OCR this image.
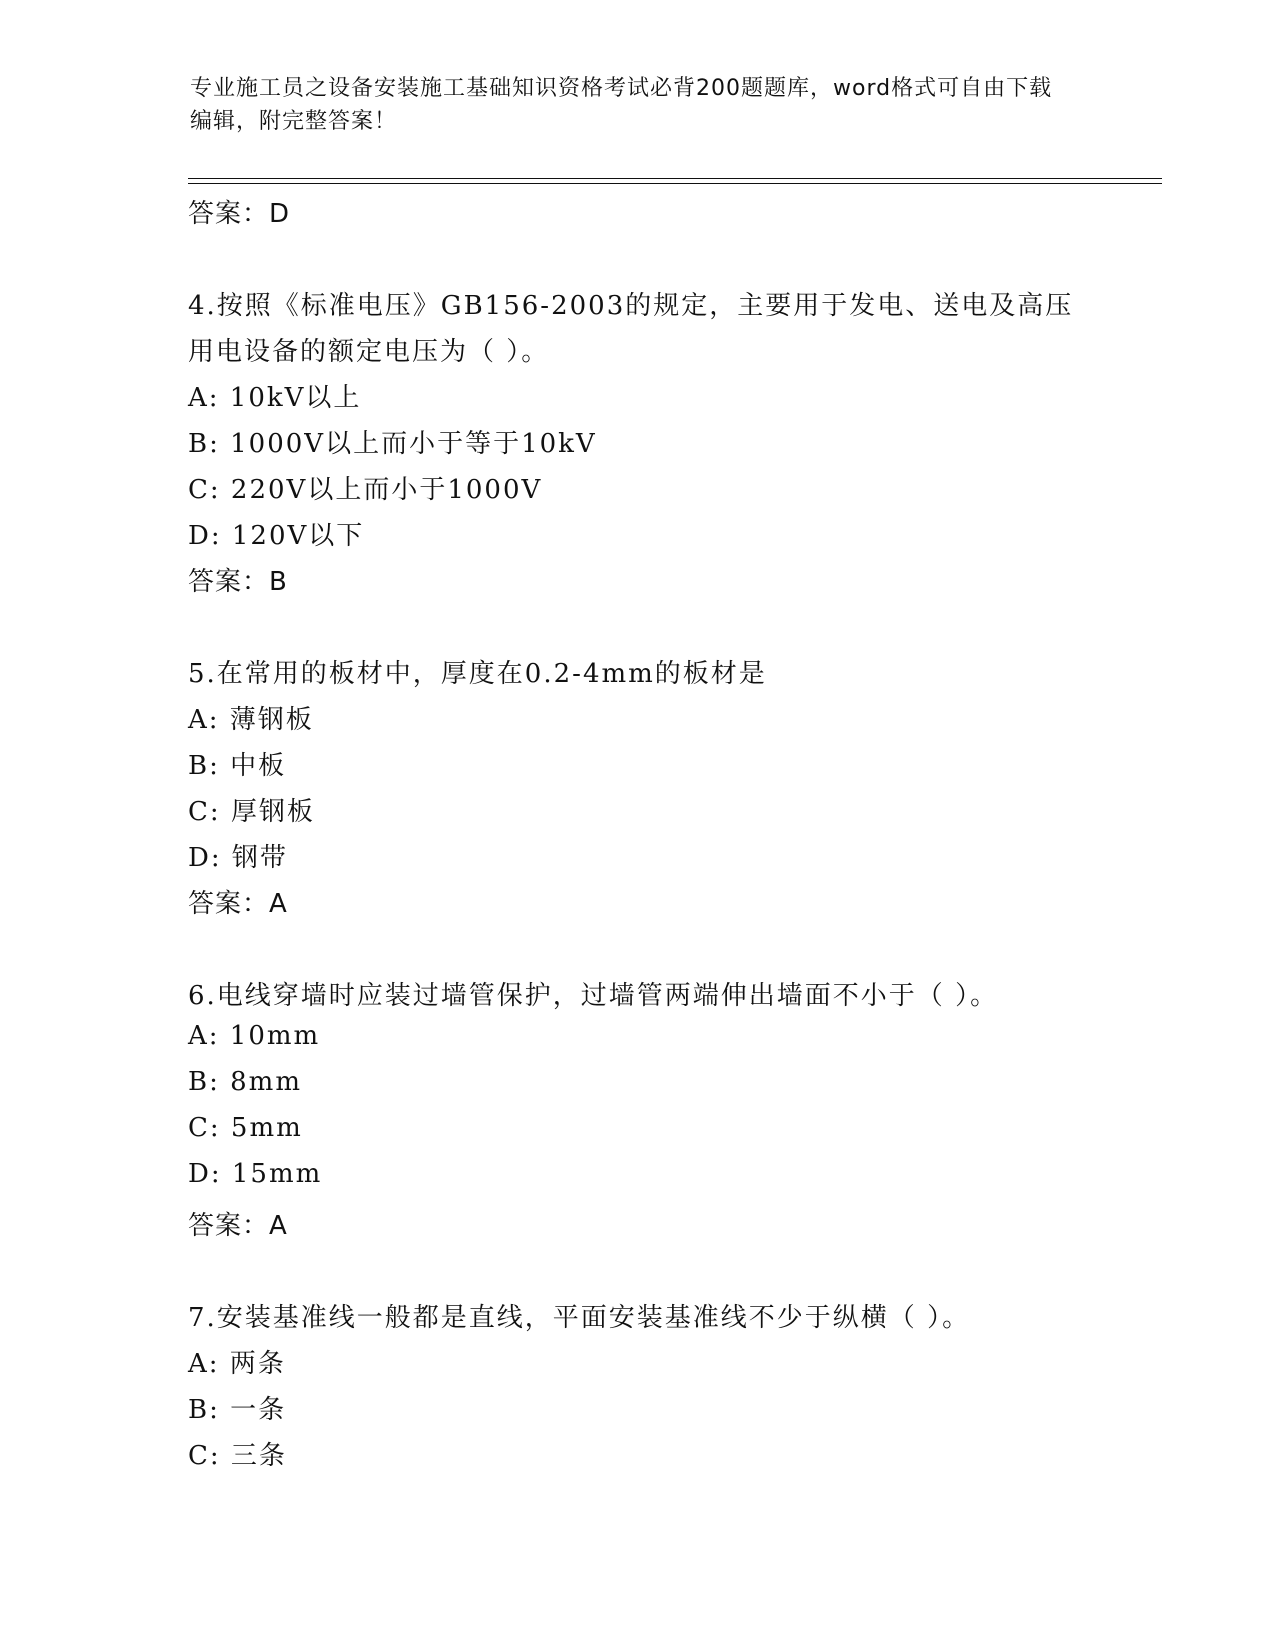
专业施工员之设备安装施工基础知识资格考试必背200题题库，word格式可自由下载编辑，附完整答案！
答案：D
4.按照《标准电压》GB156-2003的规定，主要用于发电、送电及高压
用电设备的额定电压为（ ）。
A: 10kV以上
B: 1000V以上而小于等于10kV
C: 220V以上而小于1000V
D: 120V以下
答案：B
5.在常用的板材中，厚度在0.2-4mm的板材是
A: 薄钢板
B: 中板
C: 厚钢板
D: 钢带
答案：A
6.电线穿墙时应装过墙管保护，过墙管两端伸出墙面不小于（ ）。
A: 10mm
B: 8mm
C: 5mm
D: 15mm
答案：A
7.安装基准线一般都是直线，平面安装基准线不少于纵横（ ）。
A: 两条
B: 一条
C: 三条
